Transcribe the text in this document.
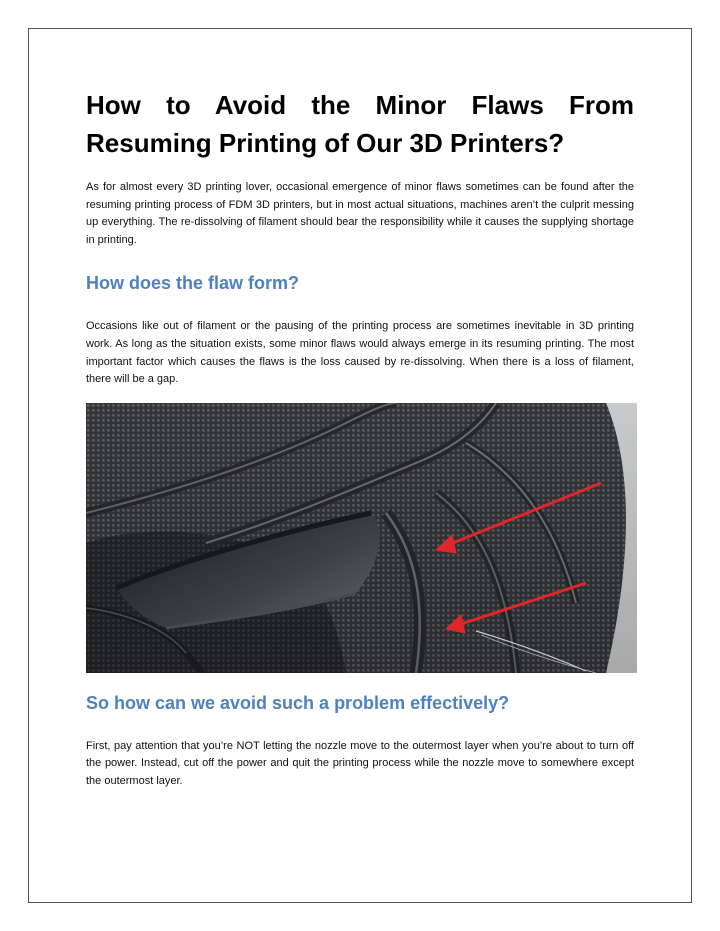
How to Avoid the Minor Flaws From
Resuming Printing of Our 3D Printers?

As for almost every 3D printing lover, occasional emergence of minor flaws sometimes can be found after the resuming printing process of FDM 3D printers, but in most actual situations, machines aren’t the culprit messing up everything. The re-dissolving of filament should bear the responsibility while it causes the supplying shortage in printing.

How does the flaw form?

Occasions like out of filament or the pausing of the printing process are sometimes inevitable in 3D printing work. As long as the situation exists, some minor flaws would always emerge in its resuming printing. The most important factor which causes the flaws is the loss caused by re-dissolving. When there is a loss of filament, there will be a gap.

So how can we avoid such a problem effectively?

First, pay attention that you’re NOT letting the nozzle move to the outermost layer when you’re about to turn off the power. Instead, cut off the power and quit the printing process while the nozzle move to somewhere except the outermost layer.
